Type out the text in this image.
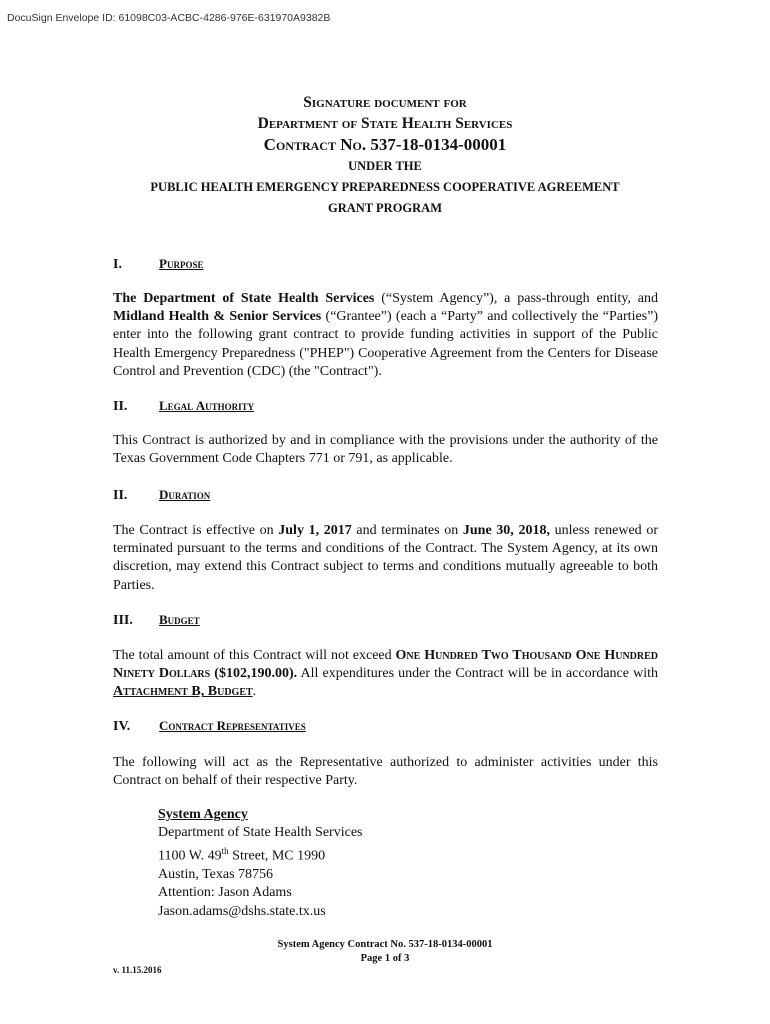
DocuSign Envelope ID: 61098C03-ACBC-4286-976E-631970A9382B
Signature document for
Department of State Health Services
Contract No. 537-18-0134-00001
UNDER THE
PUBLIC HEALTH EMERGENCY PREPAREDNESS COOPERATIVE AGREEMENT
GRANT PROGRAM
I.	Purpose

The Department of State Health Services (“System Agency”), a pass-through entity, and Midland Health & Senior Services (“Grantee”) (each a “Party” and collectively the “Parties”) enter into the following grant contract to provide funding activities in support of the Public Health Emergency Preparedness ("PHEP") Cooperative Agreement from the Centers for Disease Control and Prevention (CDC) (the "Contract").

II. Legal Authority

This Contract is authorized by and in compliance with the provisions under the authority of the Texas Government Code Chapters 771 or 791, as applicable.

II. Duration

The Contract is effective on July 1, 2017 and terminates on June 30, 2018, unless renewed or terminated pursuant to the terms and conditions of the Contract. The System Agency, at its own discretion, may extend this Contract subject to terms and conditions mutually agreeable to both Parties.

III. Budget

The total amount of this Contract will not exceed One Hundred Two Thousand One Hundred Ninety Dollars ($102,190.00). All expenditures under the Contract will be in accordance with Attachment B, Budget.

IV. Contract Representatives

The following will act as the Representative authorized to administer activities under this Contract on behalf of their respective Party.

System Agency
Department of State Health Services
1100 W. 49th Street, MC 1990
Austin, Texas 78756
Attention: Jason Adams
Jason.adams@dshs.state.tx.us
System Agency Contract No. 537-18-0134-00001
Page 1 of 3
v. 11.15.2016
